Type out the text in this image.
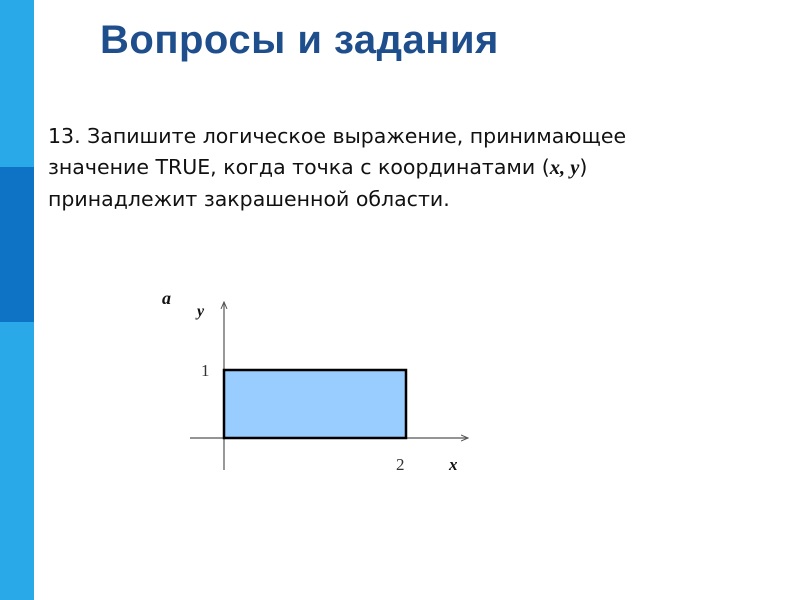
Вопросы и задания
13. Запишите логическое выражение, принимающее
значение TRUE, когда точка с координатами (x, y)
принадлежит закрашенной области.
a
y
x
1
2
